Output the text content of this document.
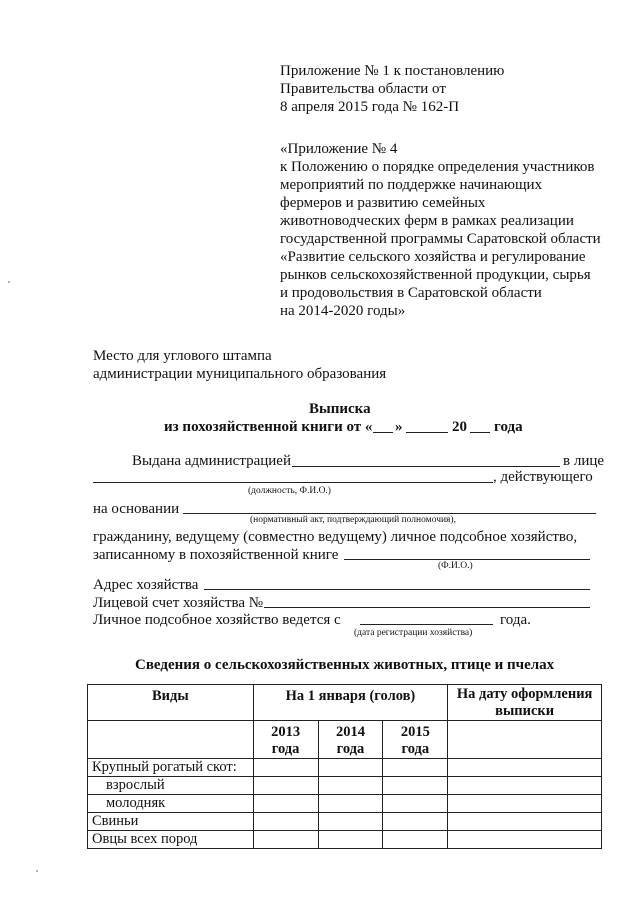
Приложение № 1 к постановлению
Правительства области от
8 апреля 2015 года № 162-П
«Приложение № 4
к Положению о порядке определения участников
мероприятий по поддержке начинающих
фермеров и развитию семейных
животноводческих ферм в рамках реализации
государственной программы Саратовской области
«Развитие сельского хозяйства и регулирование
рынков сельскохозяйственной продукции, сырья
и продовольствия в Саратовской области
на 2014-2020 годы»
Место для углового штампа
администрации муниципального образования
Выписка
из похозяйственной книги от « »	20 года
Выдана администрацией	в лице
, действующего
(должность, Ф.И.О.)
на основании
(нормативный акт, подтверждающий полномочия),
гражданину, ведущему (совместно ведущему) личное подсобное хозяйство,
записанному в похозяйственной книге
(Ф.И.О.)
Адрес хозяйства
Лицевой счет хозяйства №
Личное подсобное хозяйство ведется с	года.
(дата регистрации хозяйства)
Сведения о сельскохозяйственных животных, птице и пчелах
Виды	На 1 января (голов)			На дату оформления выписки
	2013 года	2014 года	2015 года	
Крупный рогатый скот:				
взрослый				
молодняк				
Свиньи				
Овцы всех пород				
